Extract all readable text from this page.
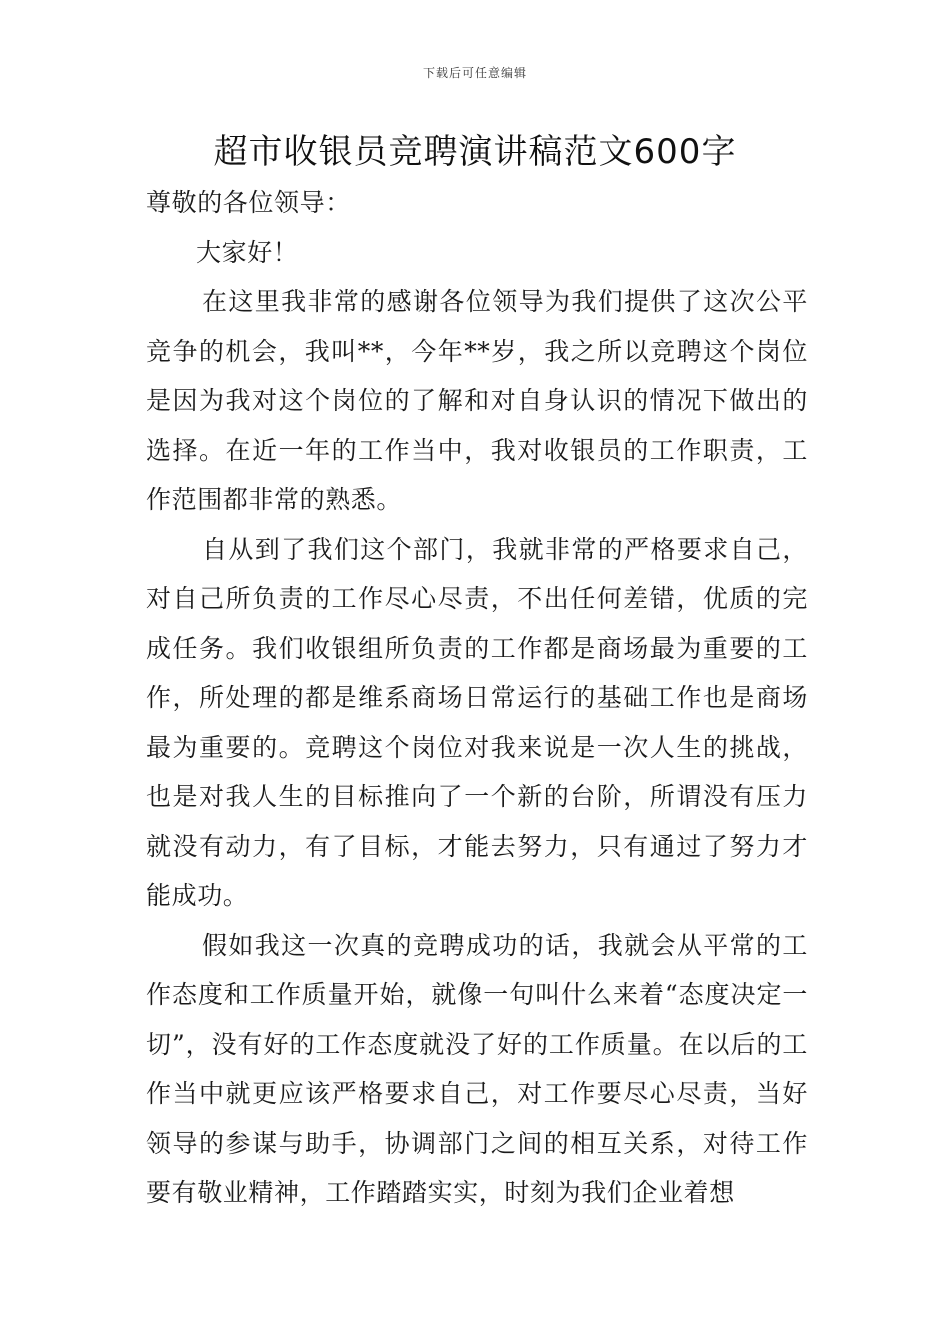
下载后可任意编辑
超市收银员竞聘演讲稿范文600字

尊敬的各位领导：

大家好！

在这里我非常的感谢各位领导为我们提供了这次公平竞争的机会，我叫**，今年**岁，我之所以竞聘这个岗位是因为我对这个岗位的了解和对自身认识的情况下做出的选择。在近一年的工作当中，我对收银员的工作职责，工作范围都非常的熟悉。

自从到了我们这个部门，我就非常的严格要求自己，对自己所负责的工作尽心尽责，不出任何差错，优质的完成任务。我们收银组所负责的工作都是商场最为重要的工作，所处理的都是维系商场日常运行的基础工作也是商场最为重要的。竞聘这个岗位对我来说是一次人生的挑战，也是对我人生的目标推向了一个新的台阶，所谓没有压力就没有动力，有了目标，才能去努力，只有通过了努力才能成功。

假如我这一次真的竞聘成功的话，我就会从平常的工作态度和工作质量开始，就像一句叫什么来着“态度决定一切”，没有好的工作态度就没了好的工作质量。在以后的工作当中就更应该严格要求自己，对工作要尽心尽责，当好领导的参谋与助手，协调部门之间的相互关系，对待工作要有敬业精神，工作踏踏实实，时刻为我们企业着想
